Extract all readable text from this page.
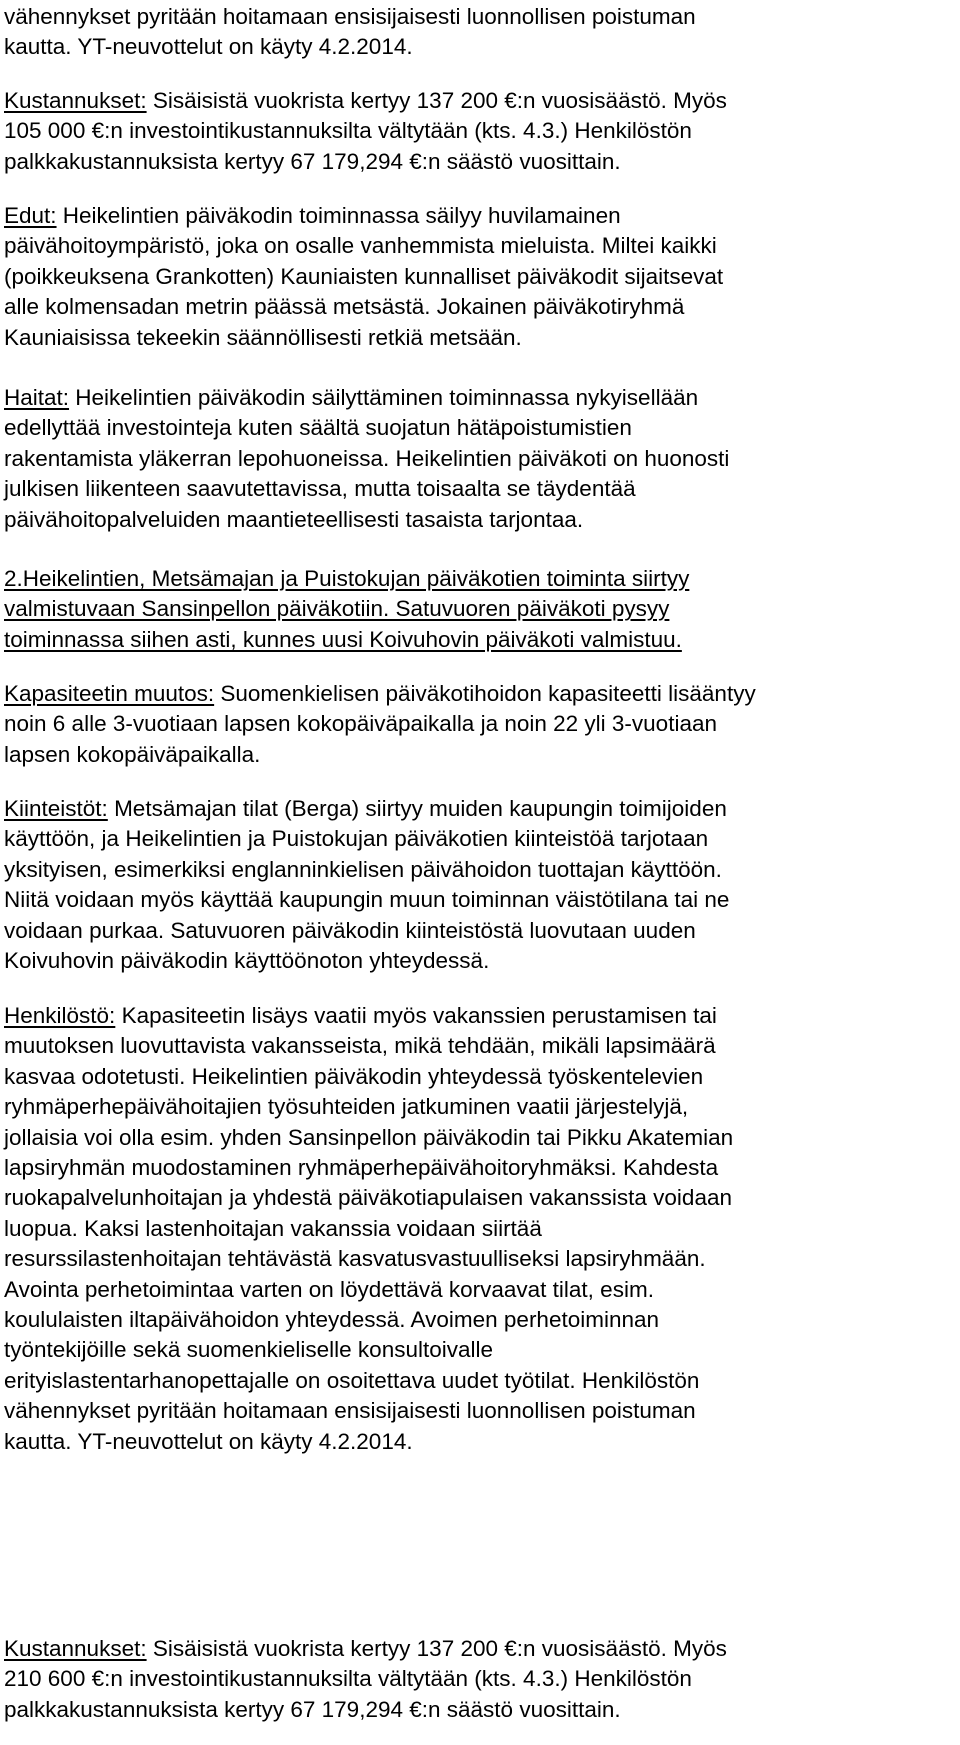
vähennykset pyritään hoitamaan ensisijaisesti luonnollisen poistuman
kautta. YT-neuvottelut on käyty 4.2.2014.

Kustannukset: Sisäisistä vuokrista kertyy 137 200 €:n vuosisäästö. Myös
105 000 €:n investointikustannuksilta vältytään (kts. 4.3.) Henkilöstön
palkkakustannuksista kertyy 67 179,294 €:n säästö vuosittain.

Edut: Heikelintien päiväkodin toiminnassa säilyy huvilamainen
päivähoitoympäristö, joka on osalle vanhemmista mieluista. Miltei kaikki
(poikkeuksena Grankotten) Kauniaisten kunnalliset päiväkodit sijaitsevat
alle kolmensadan metrin päässä metsästä. Jokainen päiväkotiryhmä
Kauniaisissa tekeekin säännöllisesti retkiä metsään.

Haitat: Heikelintien päiväkodin säilyttäminen toiminnassa nykyisellään
edellyttää investointeja kuten säältä suojatun hätäpoistumistien
rakentamista yläkerran lepohuoneissa. Heikelintien päiväkoti on huonosti
julkisen liikenteen saavutettavissa, mutta toisaalta se täydentää
päivähoitopalveluiden maantieteellisesti tasaista tarjontaa.

2.Heikelintien, Metsämajan ja Puistokujan päiväkotien toiminta siirtyy
valmistuvaan Sansinpellon päiväkotiin. Satuvuoren päiväkoti pysyy
toiminnassa siihen asti, kunnes uusi Koivuhovin päiväkoti valmistuu.

Kapasiteetin muutos: Suomenkielisen päiväkotihoidon kapasiteetti lisääntyy
noin 6 alle 3-vuotiaan lapsen kokopäiväpaikalla ja noin 22 yli 3-vuotiaan
lapsen kokopäiväpaikalla.

Kiinteistöt: Metsämajan tilat (Berga) siirtyy muiden kaupungin toimijoiden
käyttöön, ja Heikelintien ja Puistokujan päiväkotien kiinteistöä tarjotaan
yksityisen, esimerkiksi englanninkielisen päivähoidon tuottajan käyttöön.
Niitä voidaan myös käyttää kaupungin muun toiminnan väistötilana tai ne
voidaan purkaa. Satuvuoren päiväkodin kiinteistöstä luovutaan uuden
Koivuhovin päiväkodin käyttöönoton yhteydessä.

Henkilöstö: Kapasiteetin lisäys vaatii myös vakanssien perustamisen tai
muutoksen luovuttavista vakansseista, mikä tehdään, mikäli lapsimäärä
kasvaa odotetusti. Heikelintien päiväkodin yhteydessä työskentelevien
ryhmäperhepäivähoitajien työsuhteiden jatkuminen vaatii järjestelyjä,
jollaisia voi olla esim. yhden Sansinpellon päiväkodin tai Pikku Akatemian
lapsiryhmän muodostaminen ryhmäperhepäivähoitoryhmäksi. Kahdesta
ruokapalvelunhoitajan ja yhdestä päiväkotiapulaisen vakanssista voidaan
luopua. Kaksi lastenhoitajan vakanssia voidaan siirtää
resurssilastenhoitajan tehtävästä kasvatusvastuulliseksi lapsiryhmään.
Avointa perhetoimintaa varten on löydettävä korvaavat tilat, esim.
koululaisten iltapäivähoidon yhteydessä. Avoimen perhetoiminnan
työntekijöille sekä suomenkieliselle konsultoivalle
erityislastentarhanopettajalle on osoitettava uudet työtilat. Henkilöstön
vähennykset pyritään hoitamaan ensisijaisesti luonnollisen poistuman
kautta. YT-neuvottelut on käyty 4.2.2014.

Kustannukset: Sisäisistä vuokrista kertyy 137 200 €:n vuosisäästö. Myös
210 600 €:n investointikustannuksilta vältytään (kts. 4.3.) Henkilöstön
palkkakustannuksista kertyy 67 179,294 €:n säästö vuosittain.
